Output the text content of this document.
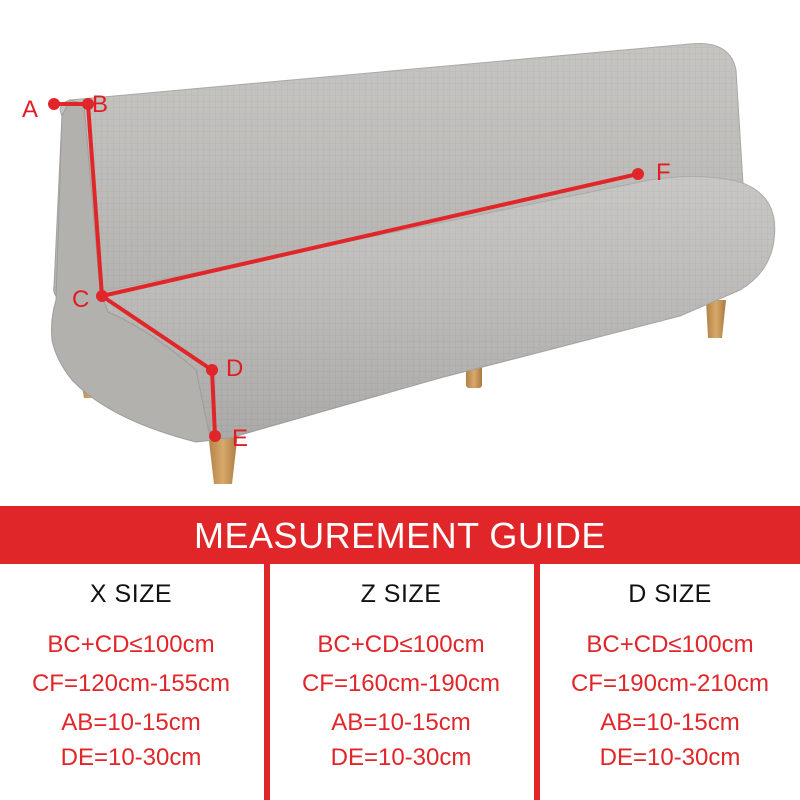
A B
C
D
E
F
MEASUREMENT GUIDE
X SIZE
BC+CD≤100cm
CF=120cm-155cm
AB=10-15cm
DE=10-30cm
Z SIZE
BC+CD≤100cm
CF=160cm-190cm
AB=10-15cm
DE=10-30cm
D SIZE
BC+CD≤100cm
CF=190cm-210cm
AB=10-15cm
DE=10-30cm
